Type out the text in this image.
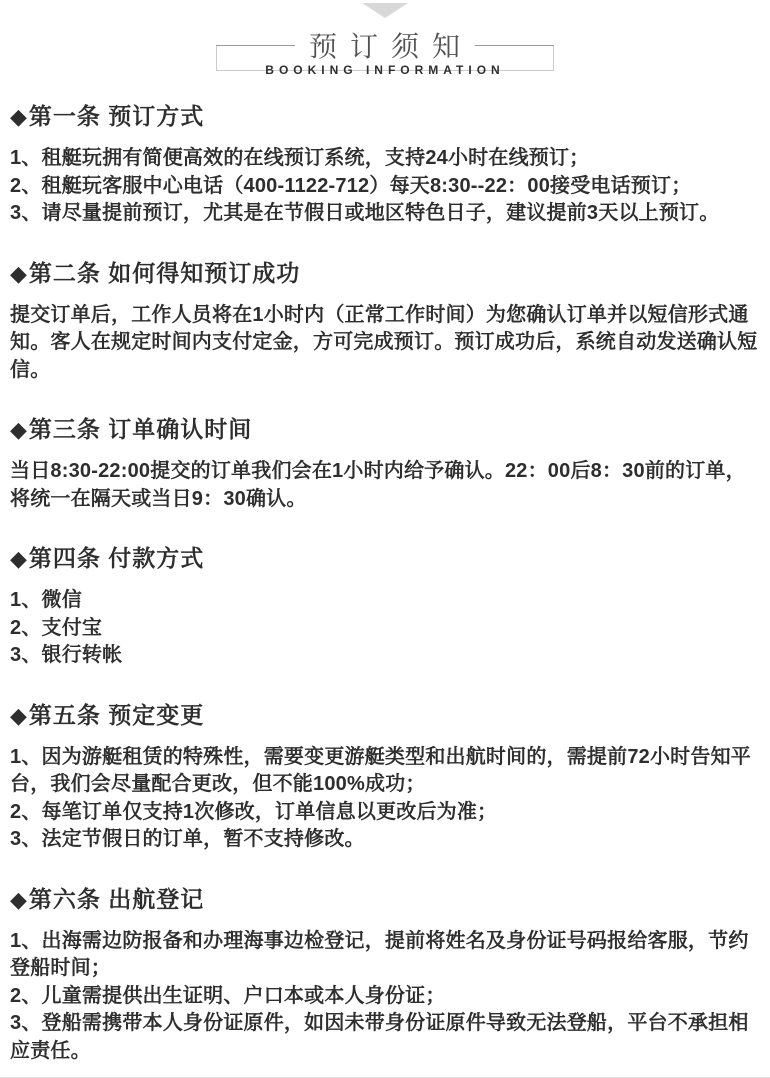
预订须知
BOOKING INFORMATION
◆第一条 预订方式
1、租艇玩拥有简便高效的在线预订系统，支持24小时在线预订；
2、租艇玩客服中心电话（400-1122-712）每天8:30--22：00接受电话预订；
3、请尽量提前预订，尤其是在节假日或地区特色日子，建议提前3天以上预订。
◆第二条 如何得知预订成功
提交订单后，工作人员将在1小时内（正常工作时间）为您确认订单并以短信形式通知。客人在规定时间内支付定金，方可完成预订。预订成功后，系统自动发送确认短信。
◆第三条 订单确认时间
当日8:30-22:00提交的订单我们会在1小时内给予确认。22：00后8：30前的订单，将统一在隔天或当日9：30确认。
◆第四条 付款方式
1、微信
2、支付宝
3、银行转帐
◆第五条 预定变更
1、因为游艇租赁的特殊性，需要变更游艇类型和出航时间的，需提前72小时告知平台，我们会尽量配合更改，但不能100%成功；
2、每笔订单仅支持1次修改，订单信息以更改后为准；
3、法定节假日的订单，暂不支持修改。
◆第六条 出航登记
1、出海需边防报备和办理海事边检登记，提前将姓名及身份证号码报给客服，节约登船时间；
2、儿童需提供出生证明、户口本或本人身份证；
3、登船需携带本人身份证原件，如因未带身份证原件导致无法登船，平台不承担相应责任。
